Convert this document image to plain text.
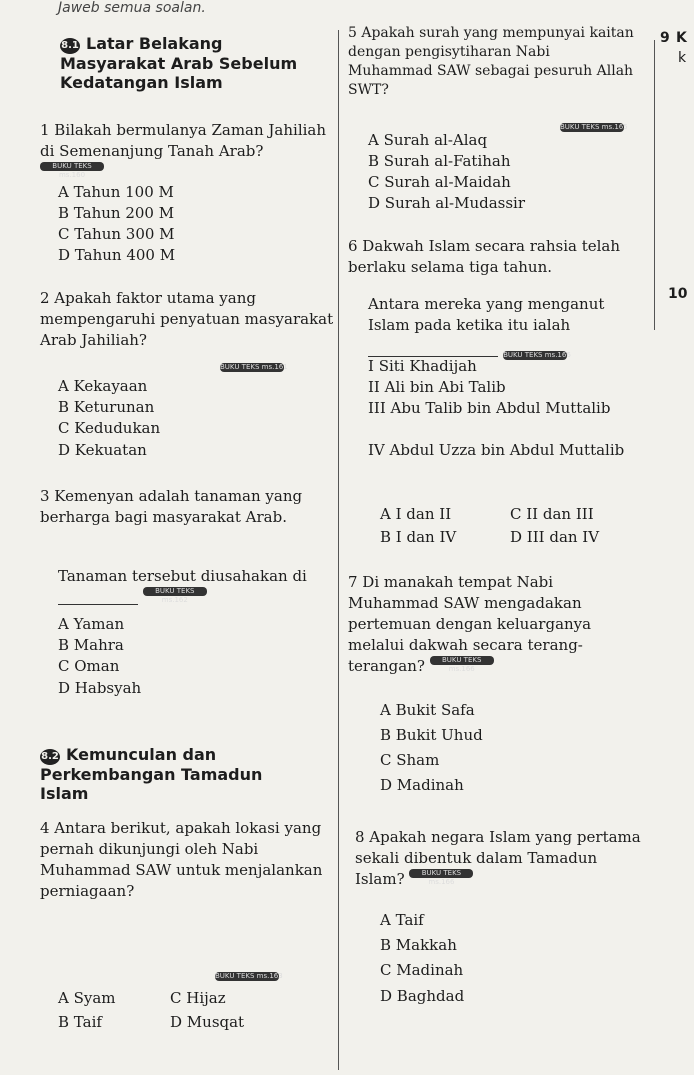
Jaweb semua soalan.
8.1 Latar Belakang Masyarakat Arab Sebelum Kedatangan Islam
1 Bilakah bermulanya Zaman Jahiliah di Semenanjung Tanah Arab? BUKU TEKS ms.160
A Tahun 100 M
B Tahun 200 M
C Tahun 300 M
D Tahun 400 M
2 Apakah faktor utama yang mempengaruhi penyatuan masyarakat Arab Jahiliah?
BUKU TEKS ms.161
A Kekayaan
B Keturunan
C Kedudukan
D Kekuatan
3 Kemenyan adalah tanaman yang berharga bagi masyarakat Arab.
Tanaman tersebut diusahakan di  BUKU TEKS ms.162
A Yaman
B Mahra
C Oman
D Habsyah
8.2 Kemunculan dan Perkembangan Tamadun Islam
4 Antara berikut, apakah lokasi yang pernah dikunjungi oleh Nabi Muhammad SAW untuk menjalankan perniagaan?
BUKU TEKS ms.163
A Syam	C Hijaz
B Taif	D Musqat
5 Apakah surah yang mempunyai kaitan dengan pengisytiharan Nabi Muhammad SAW sebagai pesuruh Allah SWT?
BUKU TEKS ms.165
A Surah al-Alaq
B Surah al-Fatihah
C Surah al-Maidah
D Surah al-Mudassir
6 Dakwah Islam secara rahsia telah berlaku selama tiga tahun.
Antara mereka yang menganut Islam pada ketika itu ialah
BUKU TEKS ms.166
I Siti Khadijah
II Ali bin Abi Talib
III Abu Talib bin Abdul Muttalib
IV Abdul Uzza bin Abdul Muttalib
A I dan II	C II dan III
B I dan IV	D III dan IV
7 Di manakah tempat Nabi Muhammad SAW mengadakan pertemuan dengan keluarganya melalui dakwah secara terang-terangan? BUKU TEKS ms.166
A Bukit Safa
B Bukit Uhud
C Sham
D Madinah
8 Apakah negara Islam yang pertama sekali dibentuk dalam Tamadun Islam? BUKU TEKS ms.166
A Taif
B Makkah
C Madinah
D Baghdad
9 K
k
10
